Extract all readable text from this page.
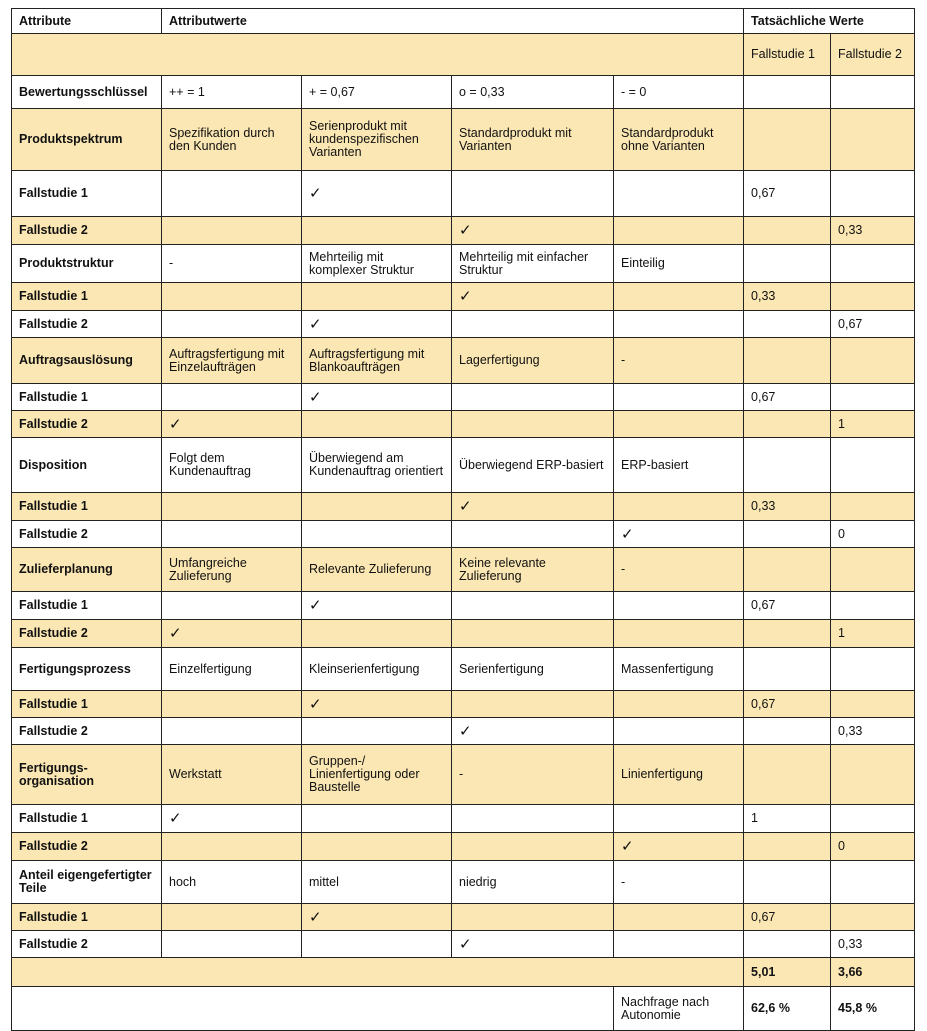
Attribute	Attributwerte				Tatsächliche Werte	
					Fallstudie 1	Fallstudie 2
Bewertungsschlüssel	++ = 1	+ = 0,67	o = 0,33	- = 0		
Produktspektrum	Spezifikation durch den Kunden	Serienprodukt mit kundenspezifischen Varianten	Standardprodukt mit Varianten	Standardprodukt ohne Varianten		
Fallstudie 1		✓			0,67	
Fallstudie 2			✓			0,33
Produktstruktur	-	Mehrteilig mit komplexer Struktur	Mehrteilig mit einfacher Struktur	Einteilig		
Fallstudie 1			✓		0,33	
Fallstudie 2		✓				0,67
Auftragsauslösung	Auftragsfertigung mit Einzelaufträgen	Auftragsfertigung mit Blankoaufträgen	Lagerfertigung	-		
Fallstudie 1		✓			0,67	
Fallstudie 2	✓					1
Disposition	Folgt dem Kundenauftrag	Überwiegend am Kundenauftrag orientiert	Überwiegend ERP-basiert	ERP-basiert		
Fallstudie 1			✓		0,33	
Fallstudie 2				✓		0
Zulieferplanung	Umfangreiche Zulieferung	Relevante Zulieferung	Keine relevante Zulieferung	-		
Fallstudie 1		✓			0,67	
Fallstudie 2	✓					1
Fertigungsprozess	Einzelfertigung	Kleinserienfertigung	Serienfertigung	Massenfertigung		
Fallstudie 1		✓			0,67	
Fallstudie 2			✓			0,33
Fertigungs-organisation	Werkstatt	Gruppen-/ Linienfertigung oder Baustelle	-	Linienfertigung		
Fallstudie 1	✓				1	
Fallstudie 2				✓		0
Anteil eigengefertigter Teile	hoch	mittel	niedrig	-		
Fallstudie 1		✓			0,67	
Fallstudie 2			✓			0,33
					5,01	3,66
				Nachfrage nach Autonomie	62,6 %	45,8 %
